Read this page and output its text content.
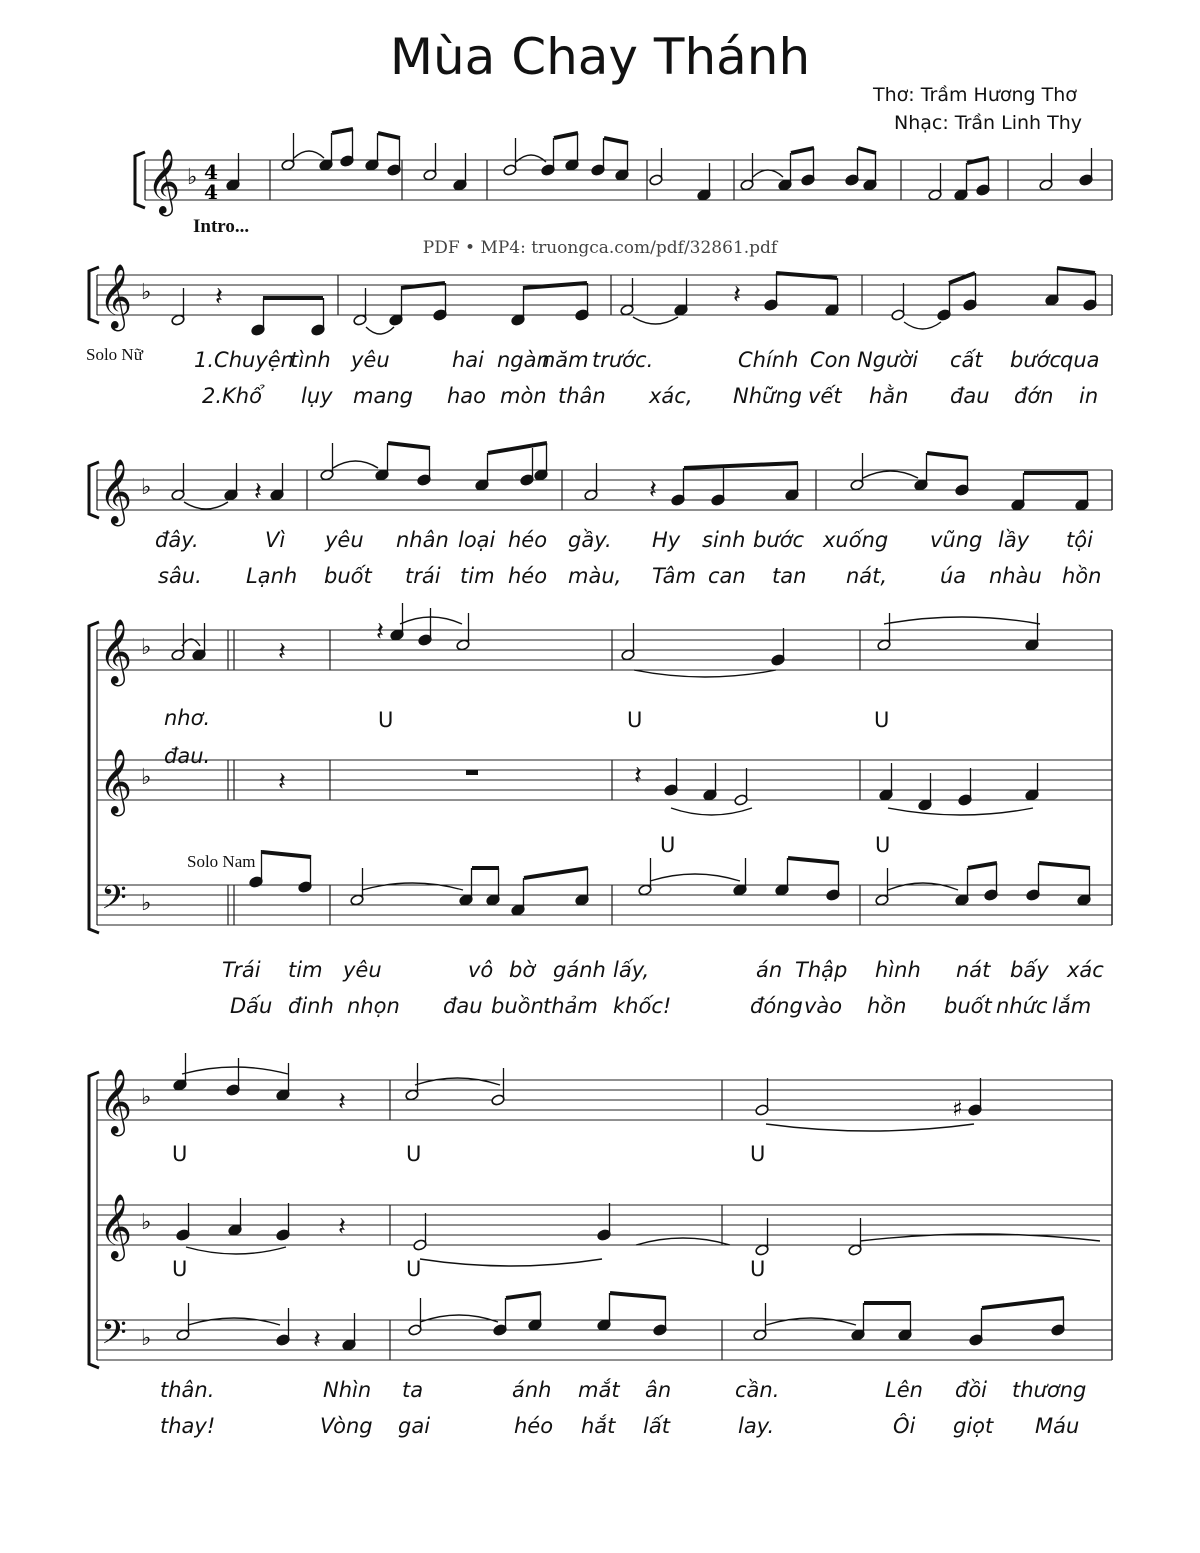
𝄞 ♭ 4
4
𝄞 ♭ 𝄽	𝄽
𝄞 ♭	𝄽	𝄽
𝄞 ♭
𝄞 ♭
𝄢 ♭
𝄽
𝄽
𝄽	𝄽
𝄞 ♭
𝄞 ♭
𝄢 ♭
𝄽	♯
𝄽
𝄽
Mùa Chay Thánh
Thơ: Trầm Hương Thơ
Nhạc: Trần Linh Thy
Intro...
PDF • MP4: truongca.com/pdf/32861.pdf
Solo Nữ
Solo Nam
1.Chuyện
tình yêu	hai ngàn
năm trước.	Chính Con Người cất bước
qua
2.Khổ lụy mang hao mòn thân xác, Những vết hằn đau đớn in
đây.	Vì yêu nhân loại héo gầy. Hy sinh bước xuống vũng lầy tội
sâu. Lạnh buốt trái tim héo màu, Tâm can tan nát,	úa nhàu hồn
nhơ.
đau.
Trái tim yêu	vô bờ gánh lấy,	án Thập hình nát bấy xác
Dấu đinh nhọn đau buồn thảm khốc!	đóng vào hồn buốt nhức lắm
thân.	Nhìn ta	ánh mắt ân	cần.	Lên đồi thương
thay!	Vòng gai	héo hắt lất	lay.	Ôi giọt Máu
U	U	U
U	U
U	U	U
U	U	U
